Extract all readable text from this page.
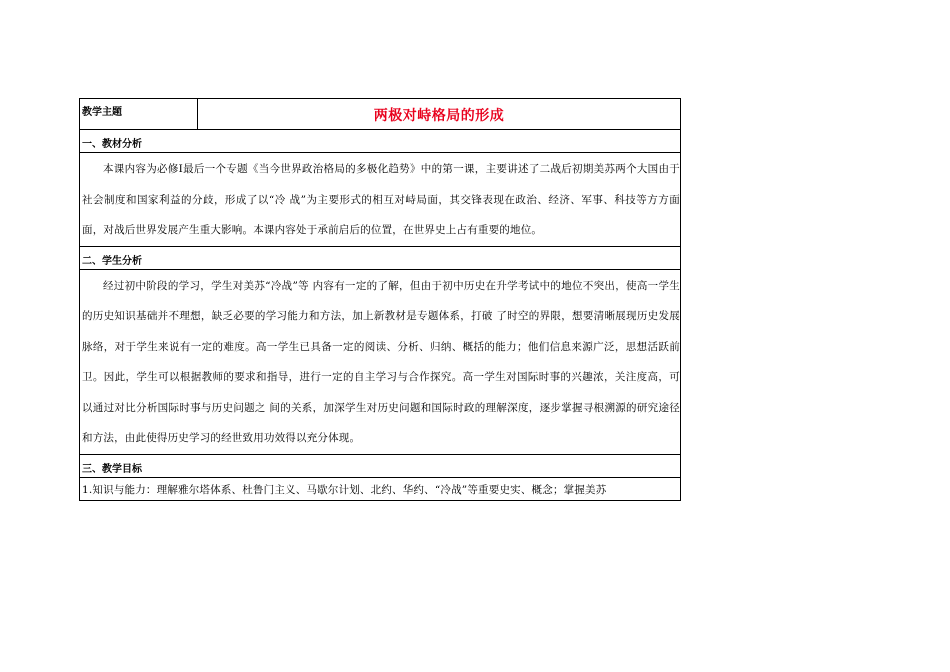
教学主题	两极对峙格局的形成
一、教材分析
本课内容为必修Ⅰ最后一个专题《当今世界政治格局的多极化趋势》中的第一课，主要讲述了二战后初期美苏两个大国由于社会制度和国家利益的分歧，形成了以“冷 战”为主要形式的相互对峙局面，其交锋表现在政治、经济、军事、科技等方方面面，对战后世界发展产生重大影响。本课内容处于承前启后的位置，在世界史上占有重要的地位。
二、学生分析
经过初中阶段的学习，学生对美苏“冷战”等 内容有一定的了解，但由于初中历史在升学考试中的地位不突出，使高一学生的历史知识基础并不理想，缺乏必要的学习能力和方法，加上新教材是专题体系，打破 了时空的界限，想要清晰展现历史发展脉络，对于学生来说有一定的难度。高一学生已具备一定的阅读、分析、归纳、概括的能力；他们信息来源广泛，思想活跃前 卫。因此，学生可以根据教师的要求和指导，进行一定的自主学习与合作探究。高一学生对国际时事的兴趣浓，关注度高，可以通过对比分析国际时事与历史问题之 间的关系，加深学生对历史问题和国际时政的理解深度，逐步掌握寻根溯源的研究途径和方法，由此使得历史学习的经世致用功效得以充分体现。
三、教学目标
1.知识与能力：理解雅尔塔体系、杜鲁门主义、马歇尔计划、北约、华约、“冷战”等重要史实、概念；掌握美苏
